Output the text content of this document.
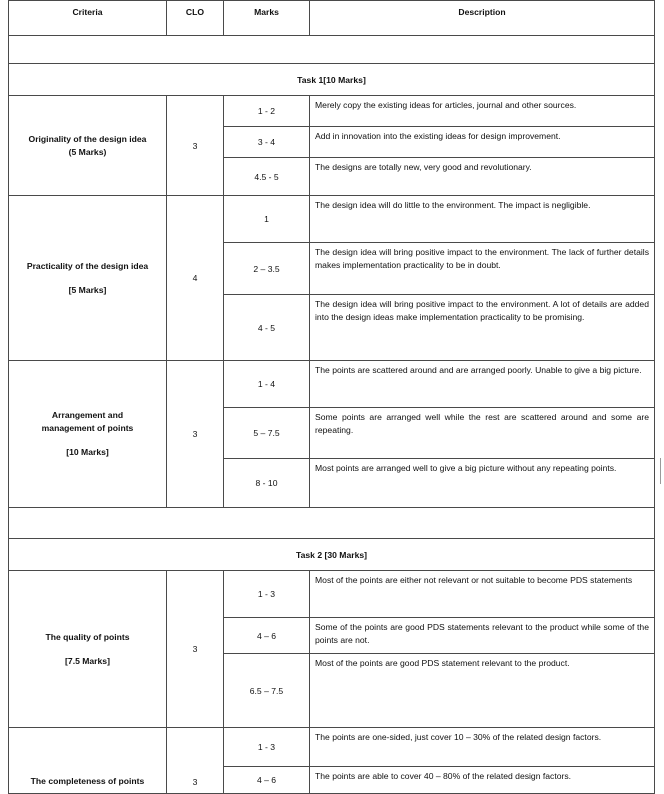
Criteria	CLO	Marks	Description

Task 1[10 Marks]			

Originality of the design idea
(5 Marks)	3	1 - 2	Merely copy the existing ideas for articles, journal and other sources.
		3 - 4	Add in innovation into the existing ideas for design improvement.
		4.5 - 5	The designs are totally new, very good and revolutionary.

Practicality of the design idea
[5 Marks]	4	1	The design idea will do little to the environment. The impact is negligible.
		2 – 3.5	The design idea will bring positive impact to the environment. The lack of further details makes implementation practicality to be in doubt.
		4 - 5	The design idea will bring positive impact to the environment. A lot of details are added into the design ideas make implementation practicality to be promising.

Arrangement and
management of points
[10 Marks]	3	1 - 4	The points are scattered around and are arranged poorly. Unable to give a big picture.
		5 – 7.5	Some points are arranged well while the rest are scattered around and some are repeating.
		8 - 10	Most points are arranged well to give a big picture without any repeating points.

Task 2 [30 Marks]			

The quality of points
[7.5 Marks]	3	1 - 3	Most of the points are either not relevant or not suitable to become PDS statements
		4 – 6	Some of the points are good PDS statements relevant to the product while some of the points are not.
		6.5 – 7.5	Most of the points are good PDS statement relevant to the product.
The completeness of points	3	1 - 3	The points are one-sided, just cover 10 – 30% of the related design factors.
		4 – 6	The points are able to cover 40 – 80% of the related design factors.
